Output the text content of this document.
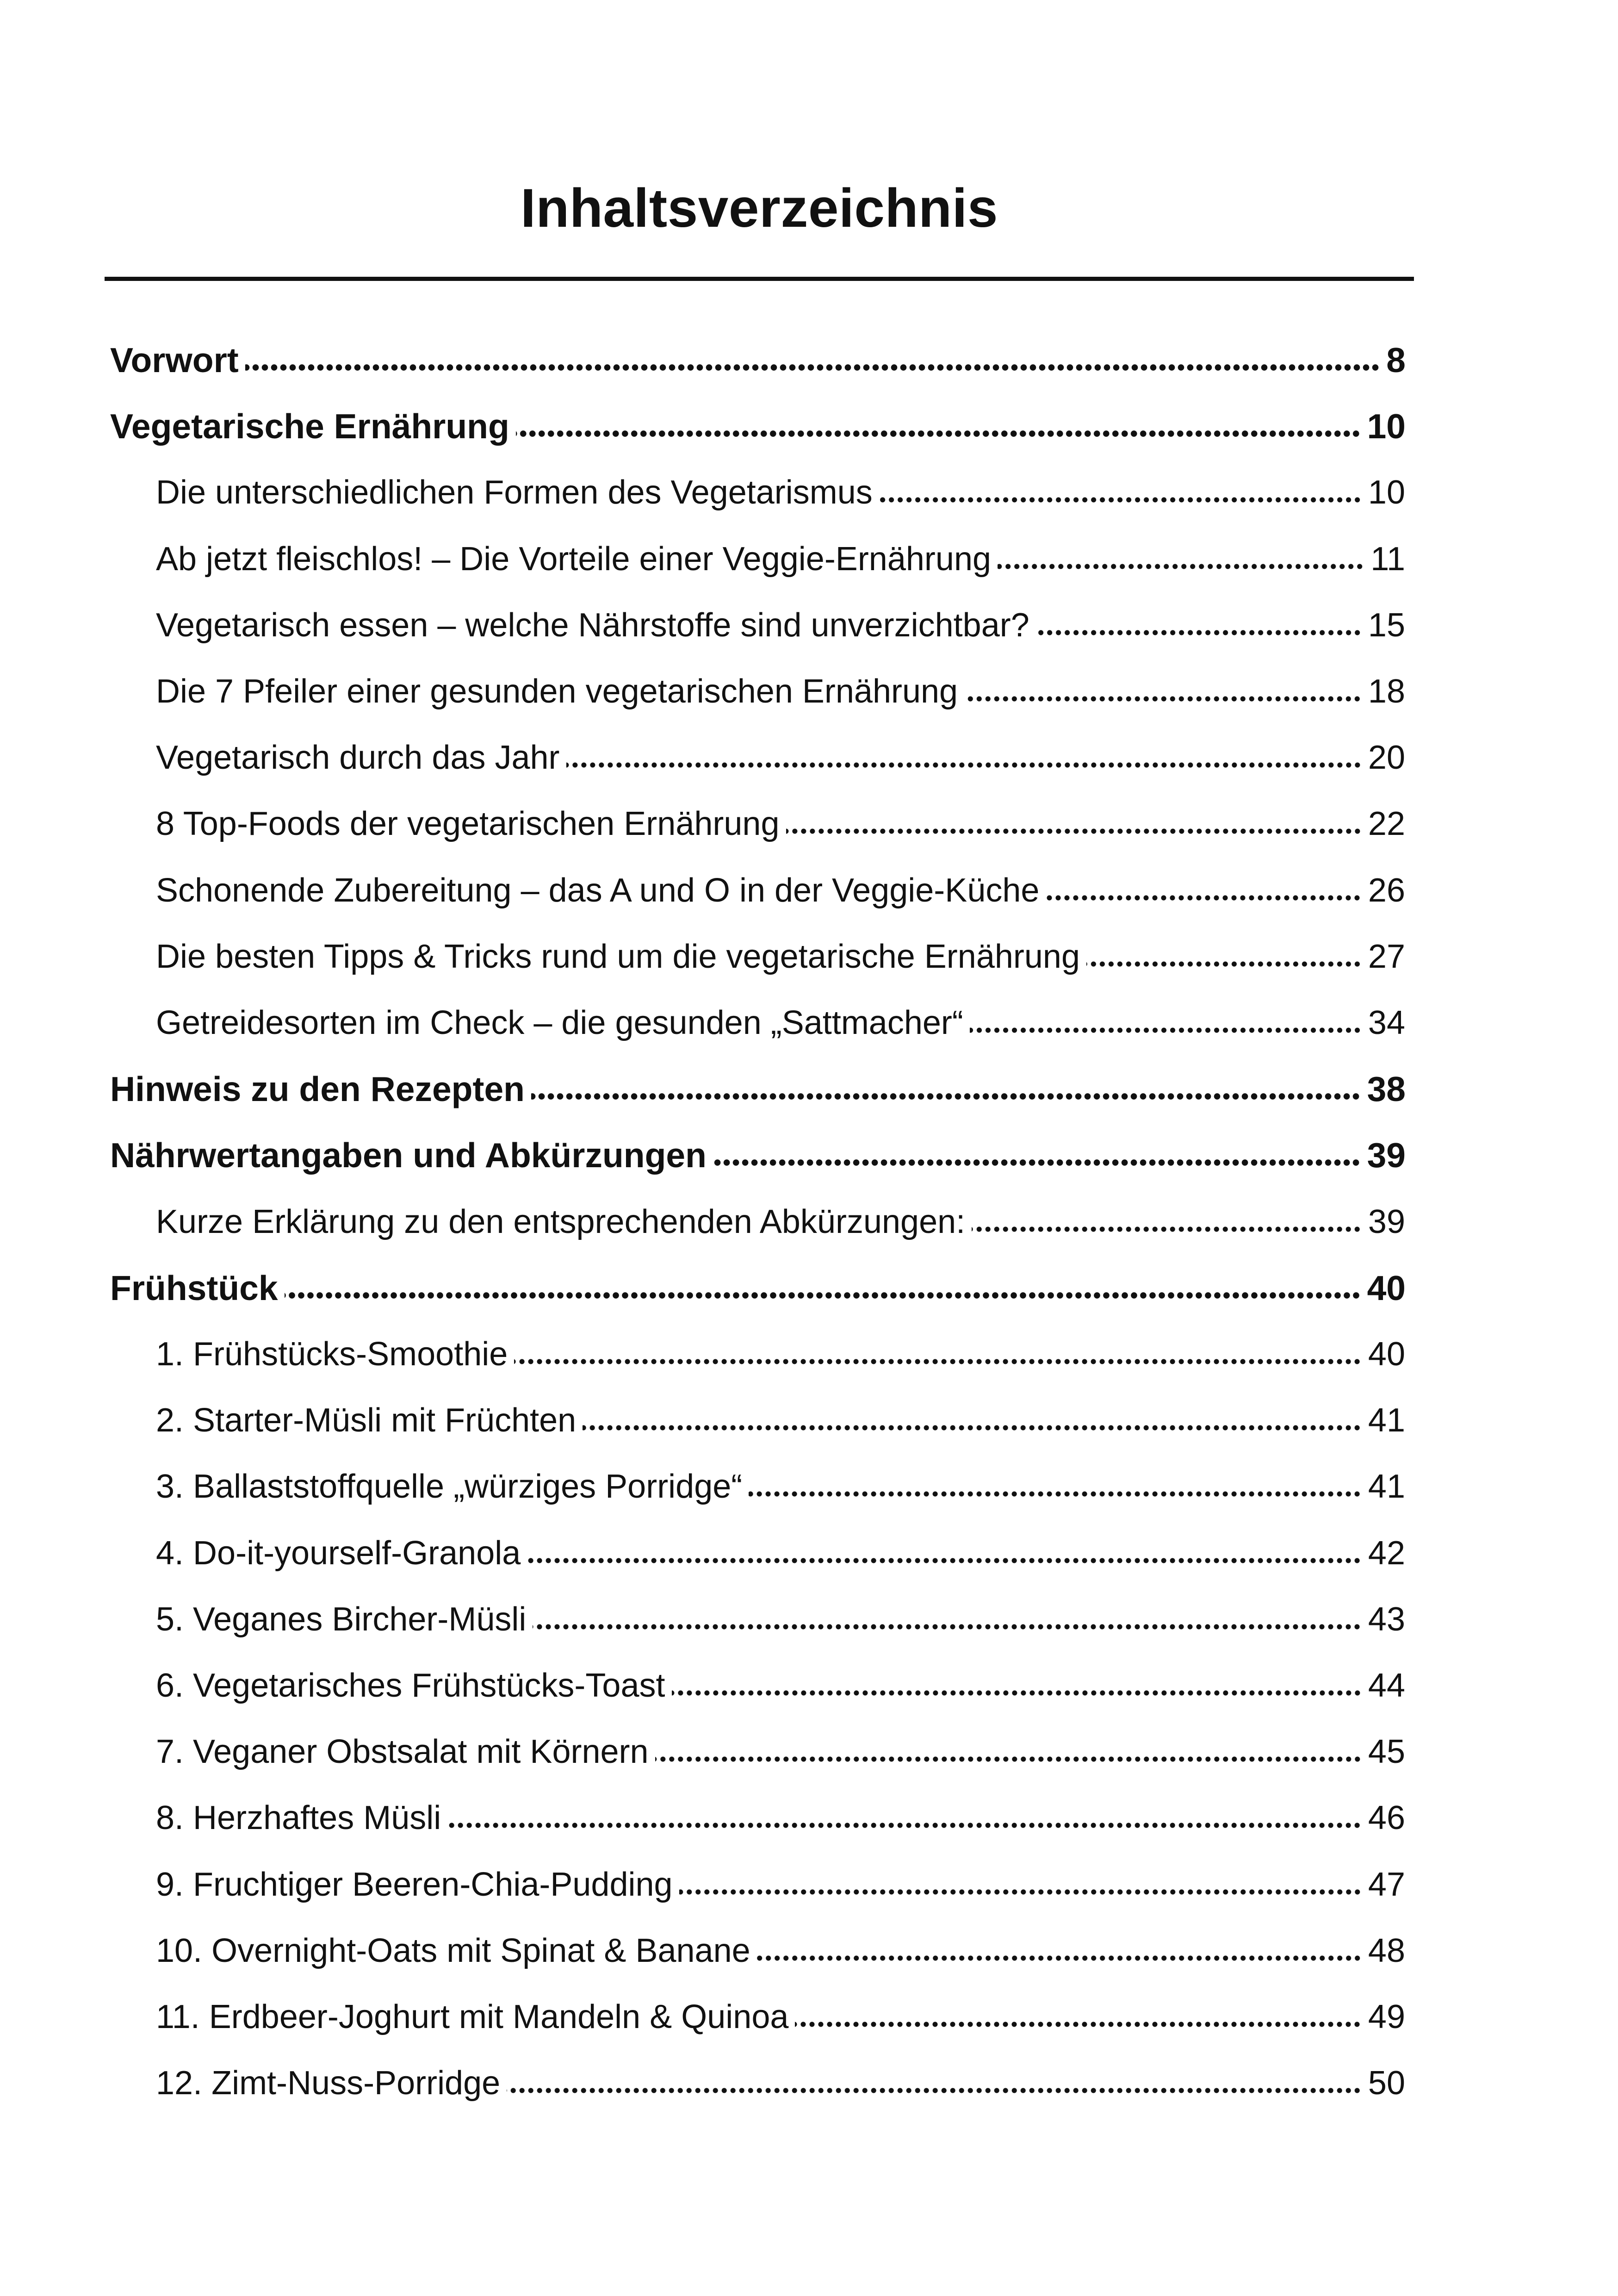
Inhaltsverzeichnis
Vorwort	8
Vegetarische Ernährung	10
Die unterschiedlichen Formen des Vegetarismus	10
Ab jetzt fleischlos! – Die Vorteile einer Veggie-Ernährung	11
Vegetarisch essen – welche Nährstoffe sind unverzichtbar?	15
Die 7 Pfeiler einer gesunden vegetarischen Ernährung	18
Vegetarisch durch das Jahr	20
8 Top-Foods der vegetarischen Ernährung	22
Schonende Zubereitung – das A und O in der Veggie-Küche	26
Die besten Tipps & Tricks rund um die vegetarische Ernährung	27
Getreidesorten im Check – die gesunden „Sattmacher“	34
Hinweis zu den Rezepten	38
Nährwertangaben und Abkürzungen	39
Kurze Erklärung zu den entsprechenden Abkürzungen:	39
Frühstück	40
1. Frühstücks-Smoothie	40
2. Starter-Müsli mit Früchten	41
3. Ballaststoffquelle „würziges Porridge“	41
4. Do-it-yourself-Granola	42
5. Veganes Bircher-Müsli	43
6. Vegetarisches Frühstücks-Toast	44
7. Veganer Obstsalat mit Körnern	45
8. Herzhaftes Müsli	46
9. Fruchtiger Beeren-Chia-Pudding	47
10. Overnight-Oats mit Spinat & Banane	48
11. Erdbeer-Joghurt mit Mandeln & Quinoa	49
12. Zimt-Nuss-Porridge	50
